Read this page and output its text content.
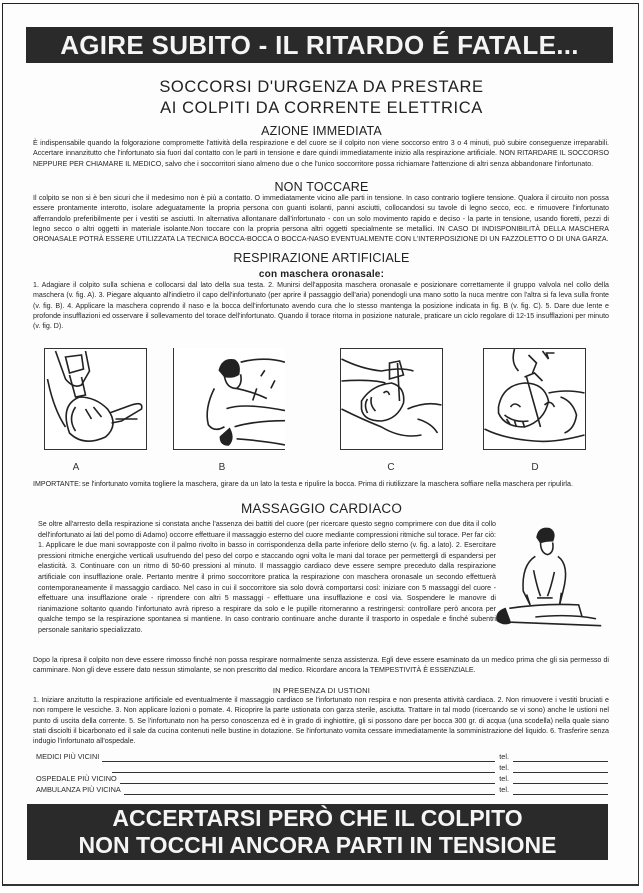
AGIRE SUBITO - IL RITARDO É FATALE...
SOCCORSI D'URGENZA DA PRESTARE
AI COLPITI DA CORRENTE ELETTRICA
AZIONE IMMEDIATA
È indispensabile quando la folgorazione compromette l'attività della respirazione e del cuore se il colpito non viene soccorso entro 3 o 4 minuti, può subire conseguenze irreparabili. Accertare innanzitutto che l'infortunato sia fuori dal contatto con le parti in tensione e dare quindi immediatamente inizio alla respirazione artificiale. NON RITARDARE IL SOCCORSO NEPPURE PER CHIAMARE IL MEDICO, salvo che i soccorritori siano almeno due o che l'unico soccorritore possa richiamare l'attenzione di altri senza abbandonare l'infortunato.
NON TOCCARE
Il colpito se non si è ben sicuri che il medesimo non è più a contatto. O immediatamente vicino alle parti in tensione. In caso contrario togliere tensione. Qualora il circuito non possa essere prontamente interotto, isolare adeguatamente la propria persona con guanti isolanti, panni asciutti, collocandosi su tavole di legno secco, ecc. e rimuovere l'infortunato afferrandolo preferibilmente per i vestiti se asciutti. In alternativa allontanare dall'infortunato - con un solo movimento rapido e deciso - la parte in tensione, usando fioretti, pezzi di legno secco o altri oggetti in materiale isolante.Non toccare con la propria persona altri oggetti specialmente se metallici. IN CASO DI INDISPONIBILITÀ DELLA MASCHERA ORONASALE POTRÀ ESSERE UTILIZZATA LA TECNICA BOCCA-BOCCA O BOCCA-NASO EVENTUALMENTE CON L'INTERPOSIZIONE DI UN FAZZOLETTO O DI UNA GARZA.
RESPIRAZIONE ARTIFICIALE
con maschera oronasale:
1. Adagiare il colpito sulla schiena e collocarsi dal lato della sua testa. 2. Munirsi dell'apposita maschera oronasale e posizionare correttamente il gruppo valvola nel collo della maschera (v. fig. A). 3. Piegare alquanto all'indietro il capo dell'infortunato (per aprire il passaggio dell'aria) ponendogli una mano sotto la nuca mentre con l'altra si fa leva sulla fronte (v. fig. B). 4. Applicare la maschera coprendo il naso e la bocca dell'infortunato avendo cura che lo stesso mantenga la posizione indicata in fig. B (v. fig. C). 5. Dare due lente e profonde insufflazioni ed osservare il sollevamento del torace dell'infortunato. Quando il torace ritorna in posizione naturale, praticare un ciclo regolare di 12-15 insufflazioni per minuto (v. fig. D).
A	B	C	D
IMPORTANTE: se l'infortunato vomita togliere la maschera, girare da un lato la testa e ripulire la bocca. Prima di riutilizzare la maschera soffiare nella maschera per ripulirla.
MASSAGGIO CARDIACO
Se oltre all'arresto della respirazione si constata anche l'assenza dei battiti del cuore (per ricercare questo segno comprimere con due dita il collo dell'infortunato ai lati del pomo di Adamo) occorre effettuare il massaggio esterno del cuore mediante compressioni ritmiche sul torace. Per far ciò: 1. Applicare le due mani sovrapposte con il palmo rivolto in basso in corrispondenza della parte inferiore dello sterno (v. fig. a lato). 2. Esercitare pressioni ritmiche energiche verticali usufruendo del peso del corpo e staccando ogni volta le mani dal torace per permettergli di espandersi per elasticità. 3. Continuare con un ritmo di 50-60 pressioni al minuto. Il massaggio cardiaco deve essere sempre preceduto dalla respirazione artificiale con insufflazione orale. Pertanto mentre il primo soccorritore pratica la respirazione con maschera oronasale un secondo effettuerà contemporaneamente il massaggio cardiaco. Nel caso in cui il soccorritore sia solo dovrà comportarsi così: iniziare con 5 massaggi del cuore - effettuare una insufflazione orale - riprendere con altri 5 massaggi - effettuare una insufflazione e così via. Sospendere le manovre di rianimazione soltanto quando l'infortunato avrà ripreso a respirare da solo e le pupille ritorneranno a restringersi: controllare però ancora per qualche tempo se la respirazione spontanea si mantiene. In caso contrario continuare anche durante il trasporto in ospedale e finché subentri personale sanitario specializzato.
Dopo la ripresa il colpito non deve essere rimosso finché non possa respirare normalmente senza assistenza. Egli deve essere esaminato da un medico prima che gli sia permesso di camminare. Non gli deve essere dato nessun stimolante, se non prescritto dal medico. Ricordare ancora la TEMPESTIVITÀ È ESSENZIALE.
IN PRESENZA DI USTIONI
1. Iniziare anzitutto la respirazione artificiale ed eventualmente il massaggio cardiaco se l'infortunato non respira e non presenta attività cardiaca. 2. Non rimuovere i vestiti bruciati e non rompere le vesciche. 3. Non applicare lozioni o pomate. 4. Ricoprire la parte ustionata con garza sterile, asciutta. Trattare in tal modo (ricercando se vi sono) anche le ustioni nel punto di uscita della corrente. 5. Se l'infortunato non ha perso conoscenza ed è in grado di inghiottire, gli si possono dare per bocca 300 gr. di acqua (una scodella) nella quale siano stati disciolti il bicarbonato ed il sale da cucina contenuti nelle bustine in dotazione. Se l'infortunato vomita cessare immediatamente la somministrazione del liquido. 6. Trasferire senza indugio l'infortunato all'ospedale.
MEDICI PIÙ VICINI	tel.
tel.
OSPEDALE PIÙ VICINO	tel.
AMBULANZA PIÙ VICINA	tel.
ACCERTARSI PERÒ CHE IL COLPITO
NON TOCCHI ANCORA PARTI IN TENSIONE
